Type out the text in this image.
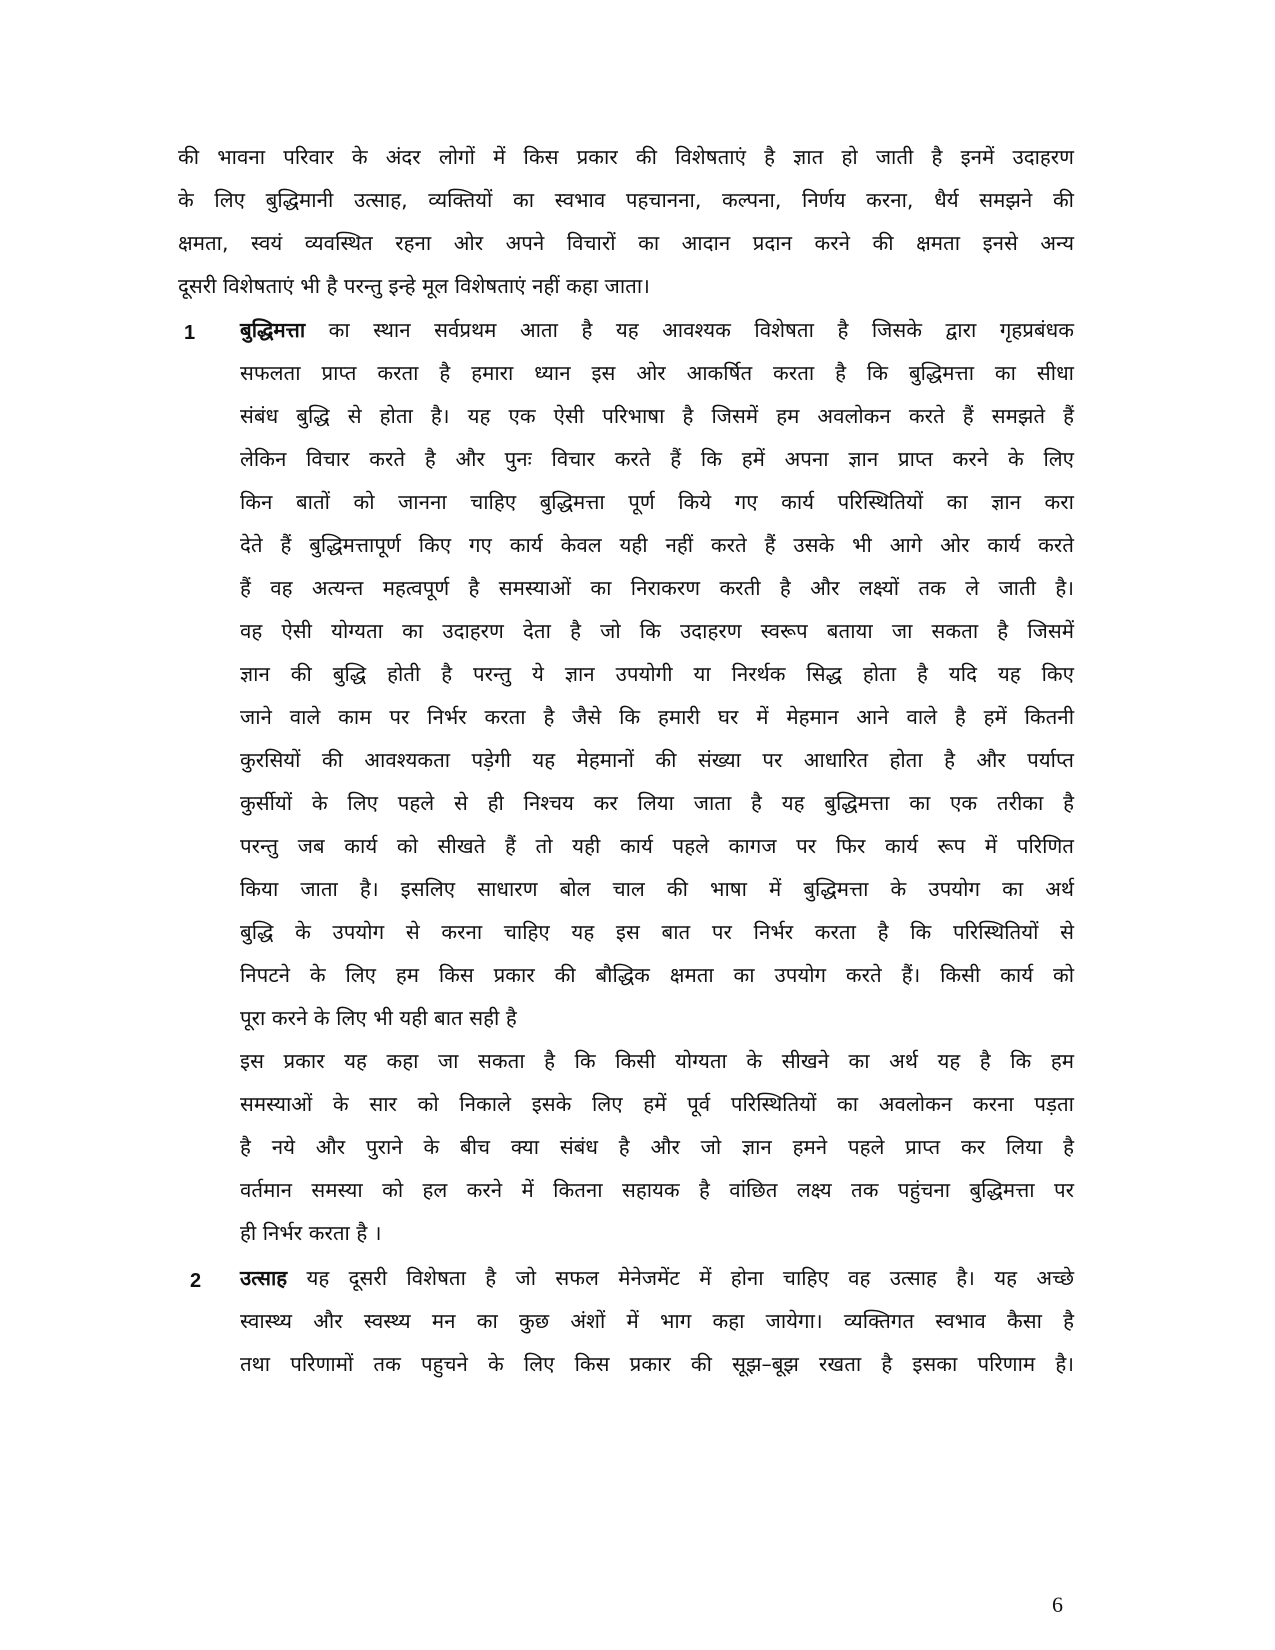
की भावना परिवार के अंदर लोगों में किस प्रकार की विशेषताएं है ज्ञात हो जाती है इनमें उदाहरण
के लिए बुद्धिमानी उत्साह, व्यक्तियों का स्वभाव पहचानना, कल्पना, निर्णय करना, धैर्य समझने की
क्षमता, स्वयं व्यवस्थित रहना ओर अपने विचारों का आदान प्रदान करने की क्षमता इनसे अन्य
दूसरी विशेषताएं भी है परन्तु इन्हे मूल विशेषताएं नहीं कहा जाता।
1 बुद्धिमत्ता का स्थान सर्वप्रथम आता है यह आवश्यक विशेषता है जिसके द्वारा गृहप्रबंधक
सफलता प्राप्त करता है हमारा ध्यान इस ओर आकर्षित करता है कि बुद्धिमत्ता का सीधा
संबंध बुद्धि से होता है। यह एक ऐसी परिभाषा है जिसमें हम अवलोकन करते हैं समझते हैं
लेकिन विचार करते है और पुनः विचार करते हैं कि हमें अपना ज्ञान प्राप्त करने के लिए
किन बातों को जानना चाहिए बुद्धिमत्ता पूर्ण किये गए कार्य परिस्थितियों का ज्ञान करा
देते हैं बुद्धिमत्तापूर्ण किए गए कार्य केवल यही नहीं करते हैं उसके भी आगे ओर कार्य करते
हैं वह अत्यन्त महत्वपूर्ण है समस्याओं का निराकरण करती है और लक्ष्यों तक ले जाती है।
वह ऐसी योग्यता का उदाहरण देता है जो कि उदाहरण स्वरूप बताया जा सकता है जिसमें
ज्ञान की बुद्धि होती है परन्तु ये ज्ञान उपयोगी या निरर्थक सिद्ध होता है यदि यह किए
जाने वाले काम पर निर्भर करता है जैसे कि हमारी घर में मेहमान आने वाले है हमें कितनी
कुरसियों की आवश्यकता पड़ेगी यह मेहमानों की संख्या पर आधारित होता है और पर्याप्त
कुर्सीयों के लिए पहले से ही निश्चय कर लिया जाता है यह बुद्धिमत्ता का एक तरीका है
परन्तु जब कार्य को सीखते हैं तो यही कार्य पहले कागज पर फिर कार्य रूप में परिणित
किया जाता है। इसलिए साधारण बोल चाल की भाषा में बुद्धिमत्ता के उपयोग का अर्थ
बुद्धि के उपयोग से करना चाहिए यह इस बात पर निर्भर करता है कि परिस्थितियों से
निपटने के लिए हम किस प्रकार की बौद्धिक क्षमता का उपयोग करते हैं। किसी कार्य को
पूरा करने के लिए भी यही बात सही है
इस प्रकार यह कहा जा सकता है कि किसी योग्यता के सीखने का अर्थ यह है कि हम
समस्याओं के सार को निकाले इसके लिए हमें पूर्व परिस्थितियों का अवलोकन करना पड़ता
है नये और पुराने के बीच क्या संबंध है और जो ज्ञान हमने पहले प्राप्त कर लिया है
वर्तमान समस्या को हल करने में कितना सहायक है वांछित लक्ष्य तक पहुंचना बुद्धिमत्ता पर
ही निर्भर करता है ।
2 उत्साह यह दूसरी विशेषता है जो सफल मेनेजमेंट में होना चाहिए वह उत्साह है। यह अच्छे
स्वास्थ्य और स्वस्थ्य मन का कुछ अंशों में भाग कहा जायेगा। व्यक्तिगत स्वभाव कैसा है
तथा परिणामों तक पहुचने के लिए किस प्रकार की सूझ–बूझ रखता है इसका परिणाम है।
6
